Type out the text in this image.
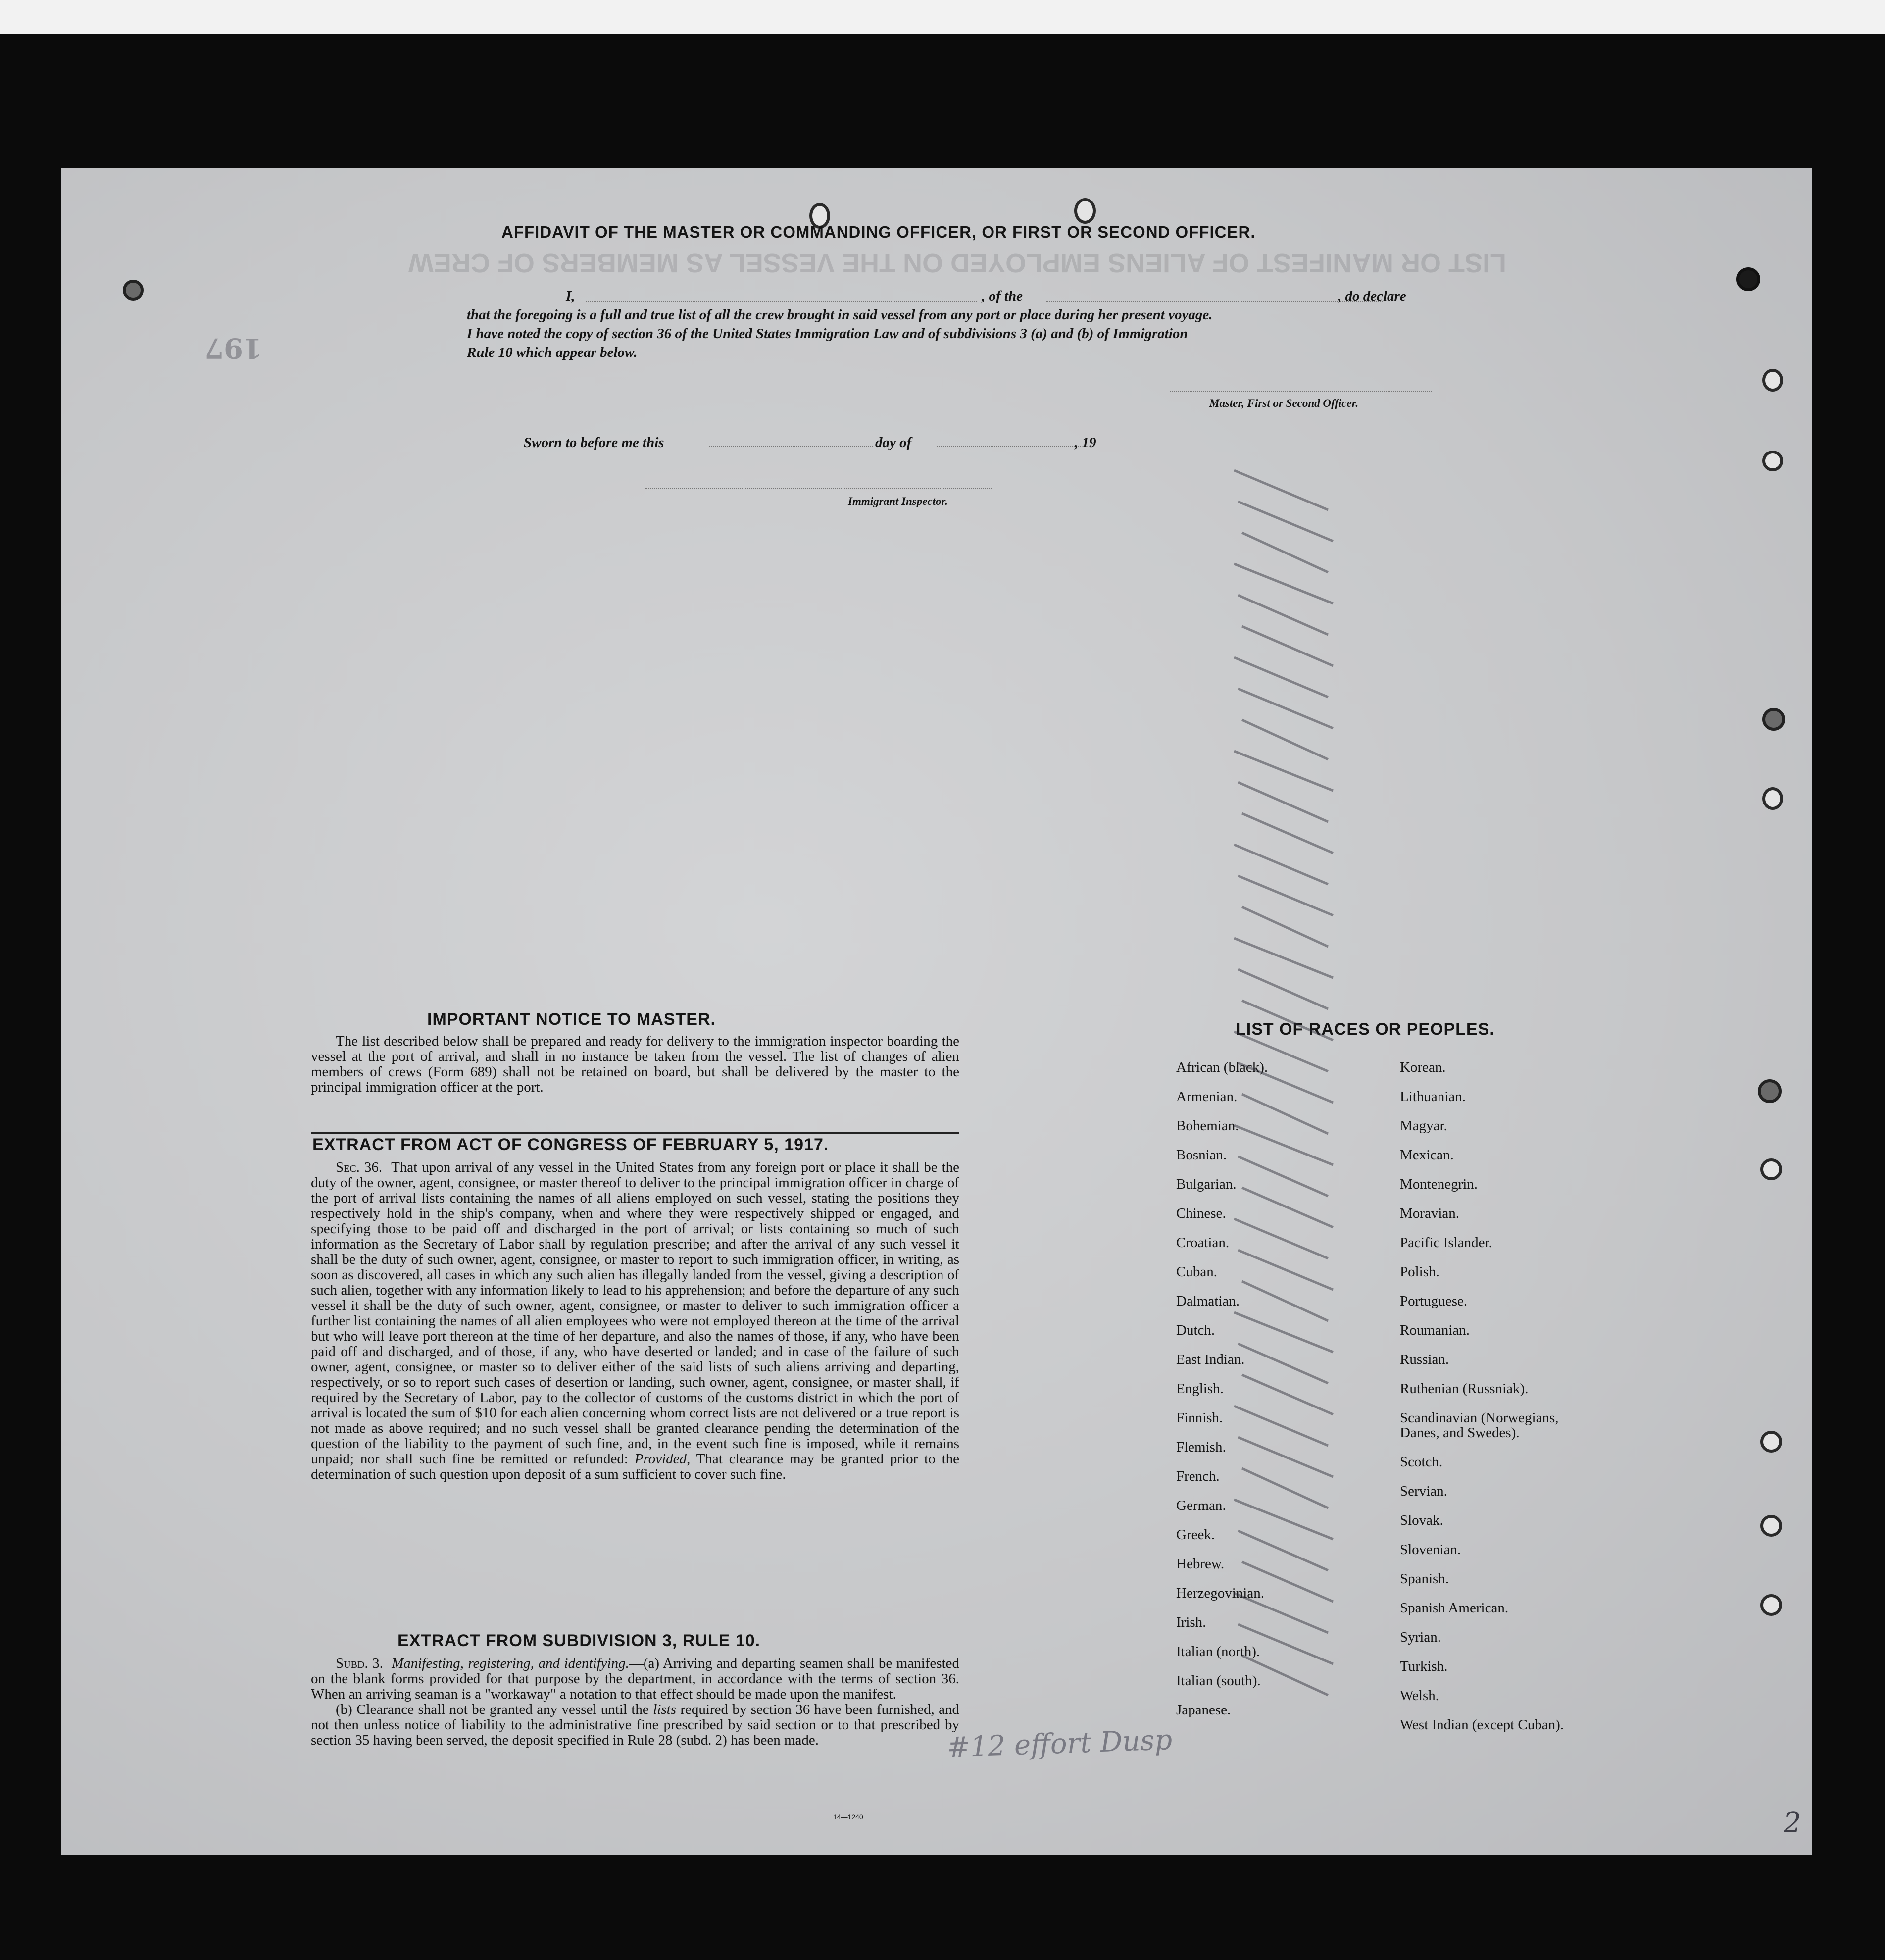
LIST OR MANIFEST OF ALIENS EMPLOYED ON THE VESSEL AS MEMBERS OF CREW
197
AFFIDAVIT OF THE MASTER OR COMMANDING OFFICER, OR FIRST OR SECOND OFFICER.
I,	, of the	, do declare
that the foregoing is a full and true list of all the crew brought in said vessel from any port or place during her present voyage.
I have noted the copy of section 36 of the United States Immigration Law and of subdivisions 3 (a) and (b) of Immigration
Rule 10 which appear below.
Master, First or Second Officer.
Sworn to before me this	day of	, 19
Immigrant Inspector.
IMPORTANT NOTICE TO MASTER.

The list described below shall be prepared and ready for delivery to the immigration inspector boarding the vessel at the port of arrival, and shall in no instance be taken from the vessel. The list of changes of alien members of crews (Form 689) shall not be retained on board, but shall be delivered by the master to the principal immigration officer at the port.

EXTRACT FROM ACT OF CONGRESS OF FEBRUARY 5, 1917.

Sec. 36. That upon arrival of any vessel in the United States from any foreign port or place it shall be the duty of the owner, agent, consignee, or master thereof to deliver to the principal immigration officer in charge of the port of arrival lists containing the names of all aliens employed on such vessel, stating the positions they respectively hold in the ship's company, when and where they were respectively shipped or engaged, and specifying those to be paid off and discharged in the port of arrival; or lists containing so much of such information as the Secretary of Labor shall by regulation prescribe; and after the arrival of any such vessel it shall be the duty of such owner, agent, consignee, or master to report to such immigration officer, in writing, as soon as discovered, all cases in which any such alien has illegally landed from the vessel, giving a description of such alien, together with any information likely to lead to his apprehension; and before the departure of any such vessel it shall be the duty of such owner, agent, consignee, or master to deliver to such immigration officer a further list containing the names of all alien employees who were not employed thereon at the time of the arrival but who will leave port thereon at the time of her departure, and also the names of those, if any, who have been paid off and discharged, and of those, if any, who have deserted or landed; and in case of the failure of such owner, agent, consignee, or master so to deliver either of the said lists of such aliens arriving and departing, respectively, or so to report such cases of desertion or landing, such owner, agent, consignee, or master shall, if required by the Secretary of Labor, pay to the collector of customs of the customs district in which the port of arrival is located the sum of $10 for each alien concerning whom correct lists are not delivered or a true report is not made as above required; and no such vessel shall be granted clearance pending the determination of the question of the liability to the payment of such fine, and, in the event such fine is imposed, while it remains unpaid; nor shall such fine be remitted or refunded: Provided, That clearance may be granted prior to the determination of such question upon deposit of a sum sufficient to cover such fine.

EXTRACT FROM SUBDIVISION 3, RULE 10.

Subd. 3. Manifesting, registering, and identifying.—(a) Arriving and departing seamen shall be manifested on the blank forms provided for that purpose by the department, in accordance with the terms of section 36. When an arriving seaman is a "workaway" a notation to that effect should be made upon the manifest.

(b) Clearance shall not be granted any vessel until the lists required by section 36 have been furnished, and not then unless notice of liability to the administrative fine prescribed by said section or to that prescribed by section 35 having been served, the deposit specified in Rule 28 (subd. 2) has been made.

14—1240
LIST OF RACES OR PEOPLES.
African (black).
Armenian.
Bohemian.
Bosnian.
Bulgarian.
Chinese.
Croatian.
Cuban.
Dalmatian.
Dutch.
East Indian.
English.
Finnish.
Flemish.
French.
German.
Greek.
Hebrew.
Herzegovinian.
Irish.
Italian (north).
Italian (south).
Japanese.
Korean.
Lithuanian.
Magyar.
Mexican.
Montenegrin.
Moravian.
Pacific Islander.
Polish.
Portuguese.
Roumanian.
Russian.
Ruthenian (Russniak).
Scandinavian (Norwegians,
Danes, and Swedes).
Scotch.
Servian.
Slovak.
Slovenian.
Spanish.
Spanish American.
Syrian.
Turkish.
Welsh.
West Indian (except Cuban).
#12 effort Dusp
2
